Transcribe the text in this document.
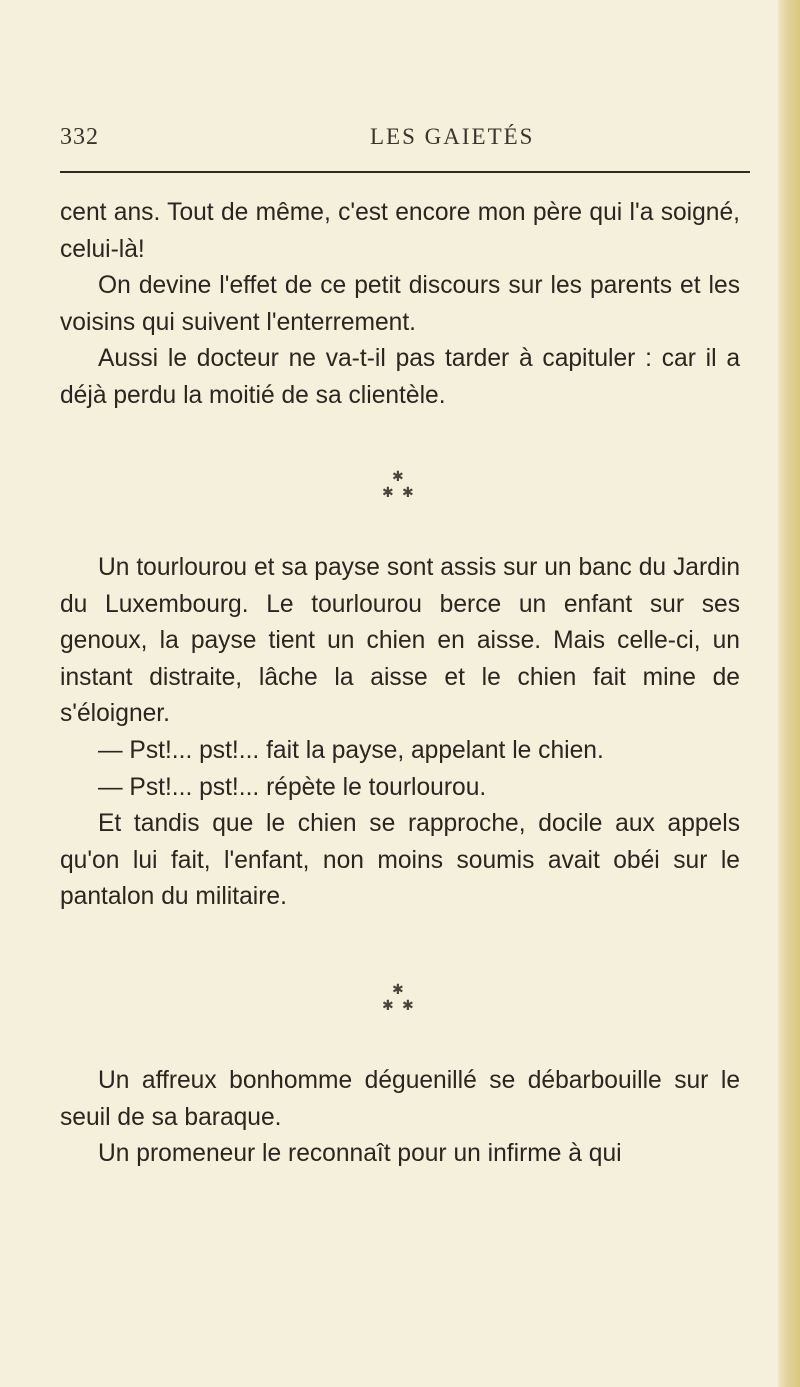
332	LES GAIETÉS

cent ans. Tout de même, c'est encore mon père qui l'a soigné, celui-là!

On devine l'effet de ce petit discours sur les parents et les voisins qui suivent l'enterrement.

Aussi le docteur ne va-t-il pas tarder à capituler : car il a déjà perdu la moitié de sa clientèle.

✱
✱ ✱

Un tourlourou et sa payse sont assis sur un banc du Jardin du Luxembourg. Le tourlourou berce un enfant sur ses genoux, la payse tient un chien en aisse. Mais celle-ci, un instant distraite, lâche la aisse et le chien fait mine de s'éloigner.

— Pst!... pst!... fait la payse, appelant le chien.

— Pst!... pst!... répète le tourlourou.

Et tandis que le chien se rapproche, docile aux appels qu'on lui fait, l'enfant, non moins soumis avait obéi sur le pantalon du militaire.

✱
✱ ✱

Un affreux bonhomme déguenillé se débarbouille sur le seuil de sa baraque.

Un promeneur le reconnaît pour un infirme à qui
